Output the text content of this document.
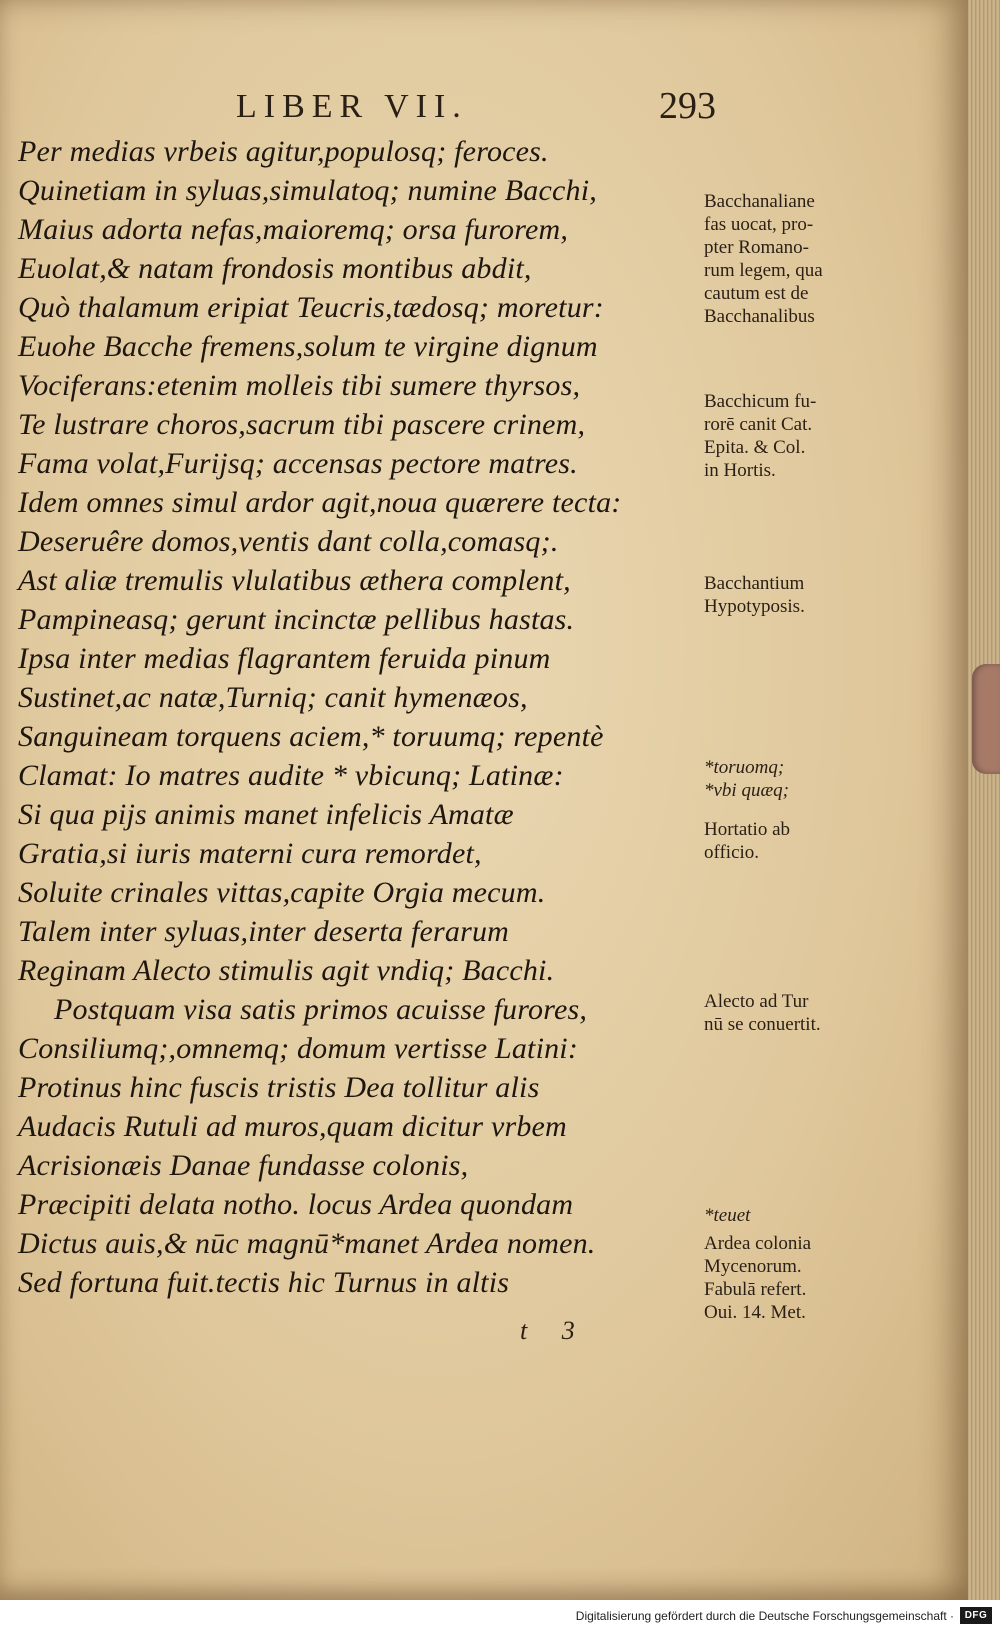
LIBER VII.	293
Per medias vrbeis agitur,populosq; feroces.
Quinetiam in syluas,simulatoq; numine Bacchi,
Maius adorta nefas,maioremq; orsa furorem,
Euolat,& natam frondosis montibus abdit,
Quò thalamum eripiat Teucris,tædosq; moretur:
Euohe Bacche fremens,solum te virgine dignum
Vociferans:etenim molleis tibi sumere thyrsos,
Te lustrare choros,sacrum tibi pascere crinem,
Fama volat,Furijsq; accensas pectore matres.
Idem omnes simul ardor agit,noua quærere tecta:
Deseruêre domos,ventis dant colla,comasq;.
Ast aliæ tremulis vlulatibus æthera complent,
Pampineasq; gerunt incinctæ pellibus hastas.
Ipsa inter medias flagrantem feruida pinum
Sustinet,ac natæ,Turniq; canit hymenæos,
Sanguineam torquens aciem,* toruumq; repentè
Clamat: Io matres audite * vbicunq; Latinæ:
Si qua pijs animis manet infelicis Amatæ
Gratia,si iuris materni cura remordet,
Soluite crinales vittas,capite Orgia mecum.
Talem inter syluas,inter deserta ferarum
Reginam Alecto stimulis agit vndiq; Bacchi.
Postquam visa satis primos acuisse furores,
Consiliumq;,omnemq; domum vertisse Latini:
Protinus hinc fuscis tristis Dea tollitur alis
Audacis Rutuli ad muros,quam dicitur vrbem
Acrisionæis Danae fundasse colonis,
Præcipiti delata notho. locus Ardea quondam
Dictus auis,& nūc magnū*manet Ardea nomen.
Sed fortuna fuit.tectis hic Turnus in altis
Bacchanaliane
fas uocat, pro-
pter Romano-
rum legem, qua
cautum est de
Bacchanalibus
Bacchicum fu-
rorē canit Cat.
Epita. & Col.
in Hortis.
Bacchantium
Hypotyposis.
*toruomq;
*vbi quæq;
Hortatio ab
officio.
Alecto ad Tur
nū se conuertit.
*teuet
Ardea colonia
Mycenorum.
Fabulā refert.
Oui. 14. Met.
t 3
Digitalisierung gefördert durch die Deutsche Forschungsgemeinschaft ·	DFG
